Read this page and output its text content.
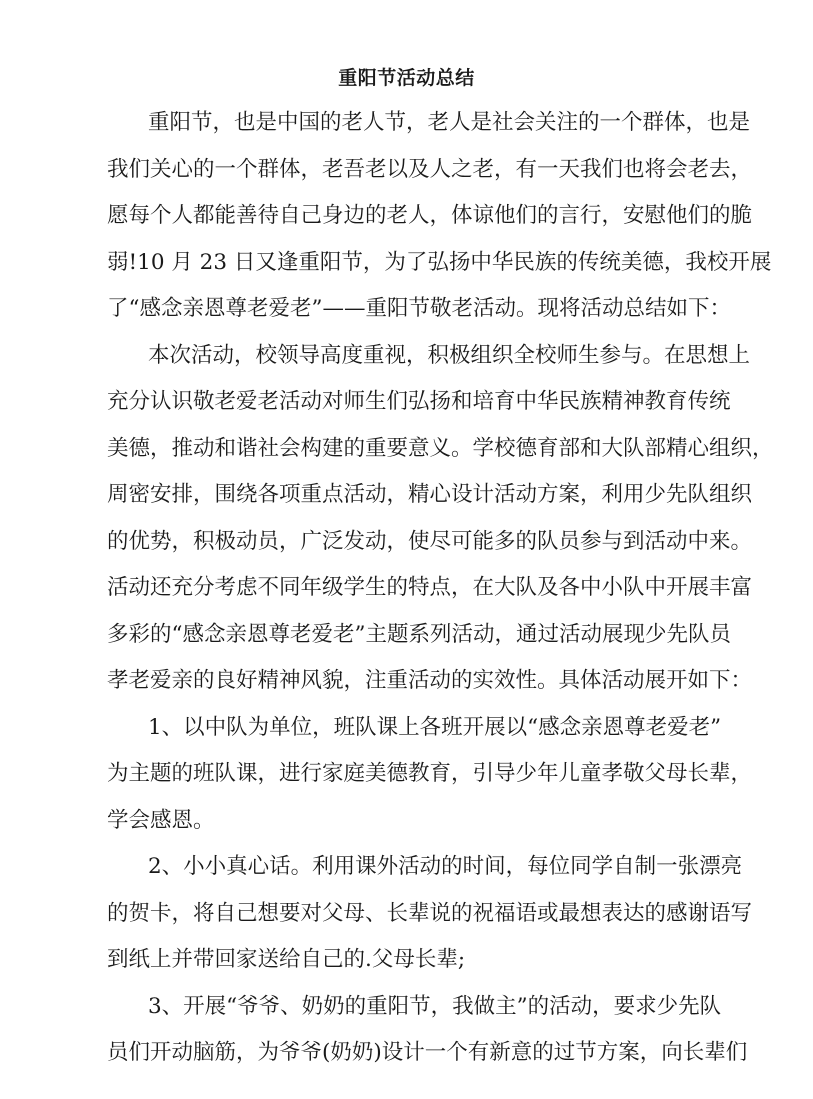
重阳节活动总结
重阳节，也是中国的老人节，老人是社会关注的一个群体，也是
我们关心的一个群体，老吾老以及人之老，有一天我们也将会老去，
愿每个人都能善待自己身边的老人，体谅他们的言行，安慰他们的脆
弱!10 月 23 日又逢重阳节，为了弘扬中华民族的传统美德，我校开展
了“感念亲恩尊老爱老”——重阳节敬老活动。现将活动总结如下：
本次活动，校领导高度重视，积极组织全校师生参与。在思想上
充分认识敬老爱老活动对师生们弘扬和培育中华民族精神教育传统
美德，推动和谐社会构建的重要意义。学校德育部和大队部精心组织，
周密安排，围绕各项重点活动，精心设计活动方案，利用少先队组织
的优势，积极动员，广泛发动，使尽可能多的队员参与到活动中来。
活动还充分考虑不同年级学生的特点，在大队及各中小队中开展丰富
多彩的“感念亲恩尊老爱老”主题系列活动，通过活动展现少先队员
孝老爱亲的良好精神风貌，注重活动的实效性。具体活动展开如下：
1、以中队为单位，班队课上各班开展以“感念亲恩尊老爱老”
为主题的班队课，进行家庭美德教育，引导少年儿童孝敬父母长辈，
学会感恩。
2、小小真心话。利用课外活动的时间，每位同学自制一张漂亮
的贺卡，将自己想要对父母、长辈说的祝福语或最想表达的感谢语写
到纸上并带回家送给自己的.父母长辈;
3、开展“爷爷、奶奶的重阳节，我做主”的活动，要求少先队
员们开动脑筋，为爷爷(奶奶)设计一个有新意的过节方案，向长辈们
